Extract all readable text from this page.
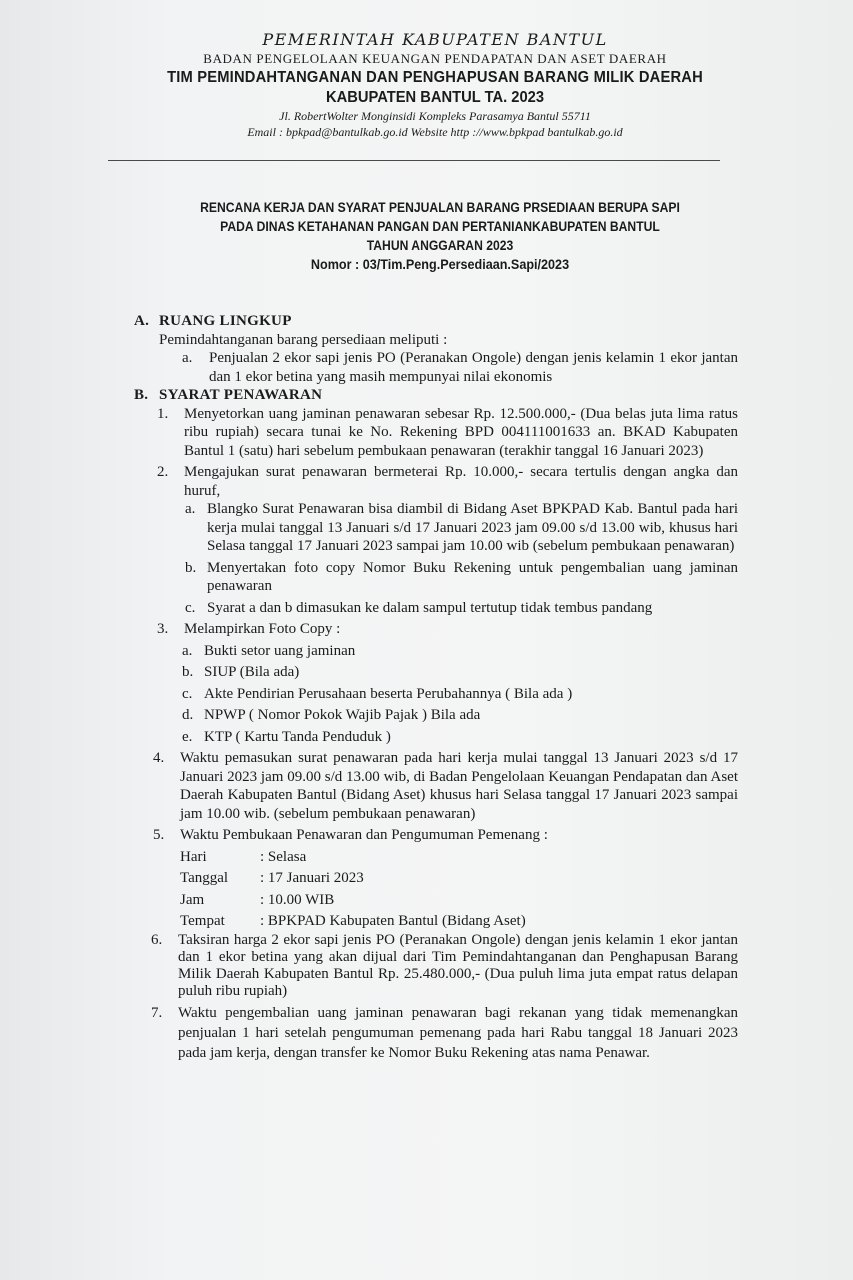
PEMERINTAH KABUPATEN BANTUL
BADAN PENGELOLAAN KEUANGAN PENDAPATAN DAN ASET DAERAH
TIM PEMINDAHTANGANAN DAN PENGHAPUSAN BARANG MILIK DAERAH
KABUPATEN BANTUL TA. 2023
Jl. RobertWolter Monginsidi Kompleks Parasamya Bantul 55711
Email : bpkpad@bantulkab.go.id Website http ://www.bpkpad bantulkab.go.id
RENCANA KERJA DAN SYARAT PENJUALAN BARANG PRSEDIAAN BERUPA SAPI
PADA DINAS KETAHANAN PANGAN DAN PERTANIANKABUPATEN BANTUL
TAHUN ANGGARAN 2023
Nomor : 03/Tim.Peng.Persediaan.Sapi/2023
A. RUANG LINGKUP
Pemindahtanganan barang persediaan meliputi :
a. Penjualan 2 ekor sapi jenis PO (Peranakan Ongole) dengan jenis kelamin 1 ekor jantan dan 1 ekor betina yang masih mempunyai nilai ekonomis
B. SYARAT PENAWARAN
1. Menyetorkan uang jaminan penawaran sebesar Rp. 12.500.000,- (Dua belas juta lima ratus ribu rupiah) secara tunai ke No. Rekening BPD 004111001633 an. BKAD Kabupaten Bantul 1 (satu) hari sebelum pembukaan penawaran (terakhir tanggal 16 Januari 2023)
2. Mengajukan surat penawaran bermeterai Rp. 10.000,- secara tertulis dengan angka dan huruf,
a. Blangko Surat Penawaran bisa diambil di Bidang Aset BPKPAD Kab. Bantul pada hari kerja mulai tanggal 13 Januari s/d 17 Januari 2023 jam 09.00 s/d 13.00 wib, khusus hari Selasa tanggal 17 Januari 2023 sampai jam 10.00 wib (sebelum pembukaan penawaran)
b. Menyertakan foto copy Nomor Buku Rekening untuk pengembalian uang jaminan penawaran
c. Syarat a dan b dimasukan ke dalam sampul tertutup tidak tembus pandang
3. Melampirkan Foto Copy :
a. Bukti setor uang jaminan
b. SIUP (Bila ada)
c. Akte Pendirian Perusahaan beserta Perubahannya ( Bila ada )
d. NPWP ( Nomor Pokok Wajib Pajak ) Bila ada
e. KTP ( Kartu Tanda Penduduk )
4. Waktu pemasukan surat penawaran pada hari kerja mulai tanggal 13 Januari 2023 s/d 17 Januari 2023 jam 09.00 s/d 13.00 wib, di Badan Pengelolaan Keuangan Pendapatan dan Aset Daerah Kabupaten Bantul (Bidang Aset) khusus hari Selasa tanggal 17 Januari 2023 sampai jam 10.00 wib. (sebelum pembukaan penawaran)
5. Waktu Pembukaan Penawaran dan Pengumuman Pemenang :
Hari	: Selasa
Tanggal	: 17 Januari 2023
Jam	: 10.00 WIB
Tempat	: BPKPAD Kabupaten Bantul (Bidang Aset)
6. Taksiran harga 2 ekor sapi jenis PO (Peranakan Ongole) dengan jenis kelamin 1 ekor jantan dan 1 ekor betina yang akan dijual dari Tim Pemindahtanganan dan Penghapusan Barang Milik Daerah Kabupaten Bantul Rp. 25.480.000,- (Dua puluh lima juta empat ratus delapan puluh ribu rupiah)
7. Waktu pengembalian uang jaminan penawaran bagi rekanan yang tidak memenangkan penjualan 1 hari setelah pengumuman pemenang pada hari Rabu tanggal 18 Januari 2023 pada jam kerja, dengan transfer ke Nomor Buku Rekening atas nama Penawar.
